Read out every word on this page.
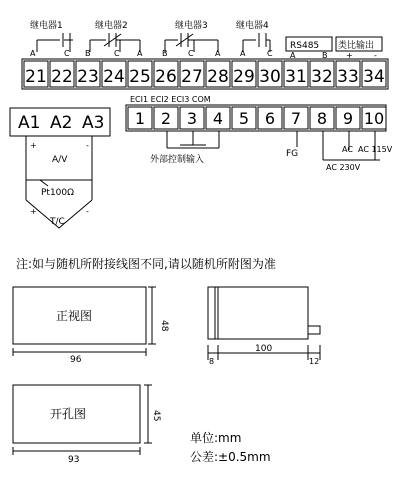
21 22 23 24 25 26 27 28 29 30 31 32 33 34
1 2 3 4 5 6 7 8 9 10
继电器1
A	C
继电器2
B	C A
继电器3
B	C	A
继电器4
A	C
RS485
A	B
类比输出
+	-
A1 A2 A3
+	-
A/V
Pt100Ω
+	-
T/C
ECI1 ECI2 ECI3 COM
外部控制输入
FG	AC AC 115V
AC 230V
注:如与随机所附接线图不同,请以随机所附图为准
正视图
96
48
8
100
12
开孔图
93
45
单位:mm
公差:±0.5mm
